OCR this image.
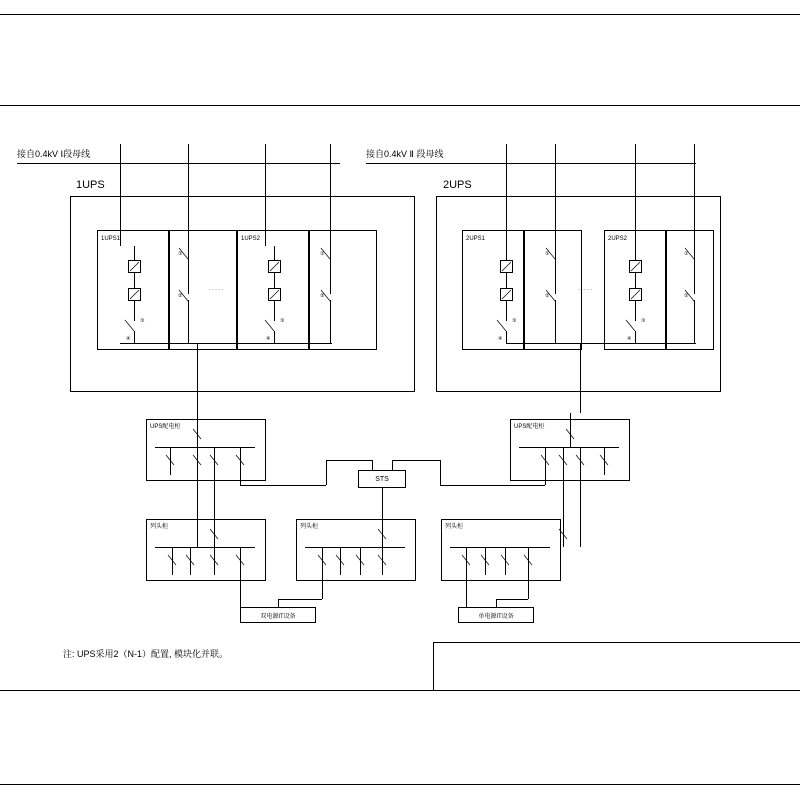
接自0.4kV Ⅰ段母线	接自0.4kV Ⅱ 段母线
1UPS	2UPS
1UPS1	1UPS2
·····
③
④
①
②
③
④
①
②
2UPS1	2UPS2
·····
③
④
①
②
③
④
①
②
UPS配电柜	UPS配电柜
STS
列头柜	列头柜	列头柜
双电源IT设备	单电源IT设备
注: UPS采用2（N-1）配置, 模块化并联。
